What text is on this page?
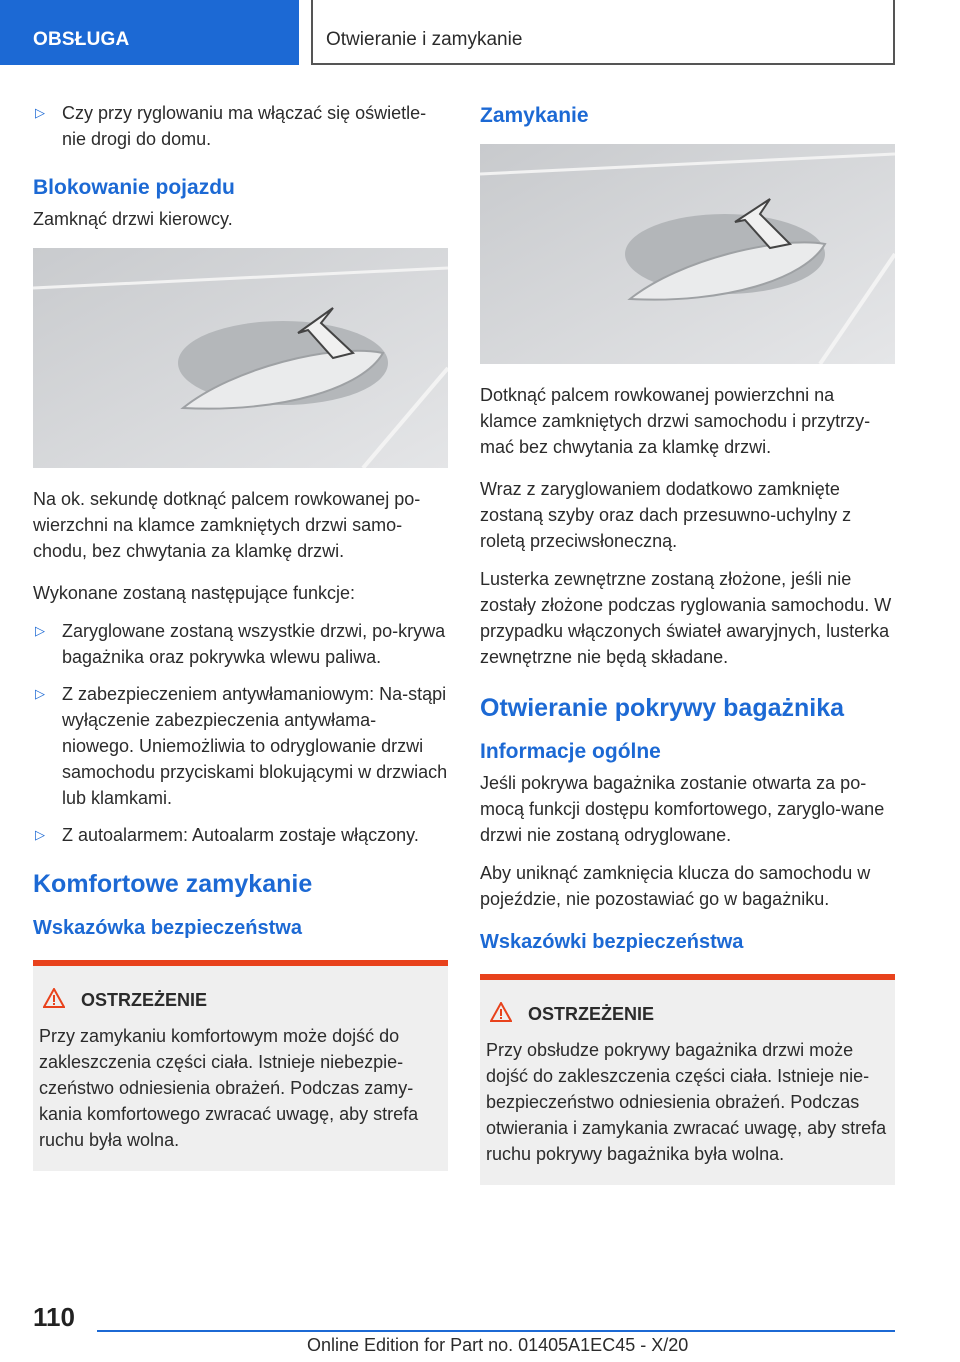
OBSŁUGA	Otwieranie i zamykanie
▷ Czy przy ryglowaniu ma włączać się oświetle-nie drogi do domu.
Blokowanie pojazdu

Zamknąć drzwi kierowcy.

Na ok. sekundę dotknąć palcem rowkowanej po-wierzchni na klamce zamkniętych drzwi samo-chodu, bez chwytania za klamkę drzwi.

Wykonane zostaną następujące funkcje:

▷ Zaryglowane zostaną wszystkie drzwi, po-krywa bagażnika oraz pokrywka wlewu paliwa.
▷ Z zabezpieczeniem antywłamaniowym: Na-stąpi wyłączenie zabezpieczenia antywłama-niowego. Uniemożliwia to odryglowanie drzwi samochodu przyciskami blokującymi w drzwiach lub klamkami.
▷ Z autoalarmem: Autoalarm zostaje włączony.
Komfortowe zamykanie
Wskazówka bezpieczeństwa
OSTRZEŻENIE

Przy zamykaniu komfortowym może dojść do zakleszczenia części ciała. Istnieje niebezpie-czeństwo odniesienia obrażeń. Podczas zamy-kania komfortowego zwracać uwagę, aby strefa ruchu była wolna.

Zamykanie

Dotknąć palcem rowkowanej powierzchni na klamce zamkniętych drzwi samochodu i przytrzy-mać bez chwytania za klamkę drzwi.

Wraz z zaryglowaniem dodatkowo zamknięte zostaną szyby oraz dach przesuwno-uchylny z roletą przeciwsłoneczną.

Lusterka zewnętrzne zostaną złożone, jeśli nie zostały złożone podczas ryglowania samochodu. W przypadku włączonych świateł awaryjnych, lusterka zewnętrzne nie będą składane.

Otwieranie pokrywy bagażnika
Informacje ogólne

Jeśli pokrywa bagażnika zostanie otwarta za po-mocą funkcji dostępu komfortowego, zaryglo-wane drzwi nie zostaną odryglowane.

Aby uniknąć zamknięcia klucza do samochodu w pojeździe, nie pozostawiać go w bagażniku.

Wskazówki bezpieczeństwa
OSTRZEŻENIE

Przy obsłudze pokrywy bagażnika drzwi może dojść do zakleszczenia części ciała. Istnieje nie-bezpieczeństwo odniesienia obrażeń. Podczas otwierania i zamykania zwracać uwagę, aby strefa ruchu pokrywy bagażnika była wolna.

110
Online Edition for Part no. 01405A1EC45 - X/20
